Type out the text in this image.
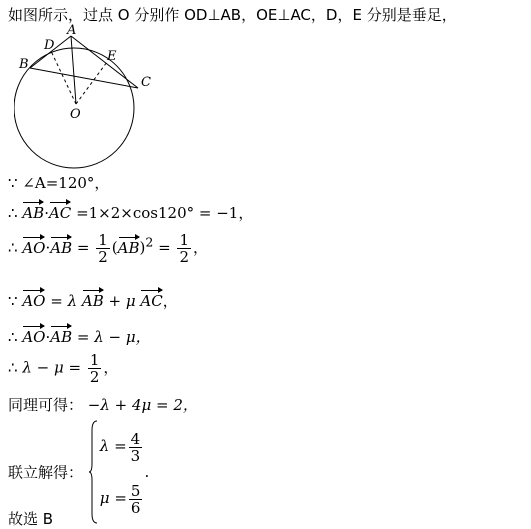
如图所示，过点 O 分别作 OD⊥AB，OE⊥AC，D，E 分别是垂足，
A
B
C
D
E
O
∵ ∠A=120°，
∴ AB·AC =1×2×cos120° = −1，
∴ $AO\cdot AB = \frac{1}{2} (AB)^2 = \frac{1}{2}$ ，
∵ AO = λ AB + μ AC，
∴ AO·AB = λ − μ，
∴ $\lambda - \mu = \frac{1}{2}$ ，
同理可得： −λ + 4μ = 2，
联立解得：
$\lambda = \frac{4}{3}$
$\mu = \frac{5}{6}$
.
故选 B
